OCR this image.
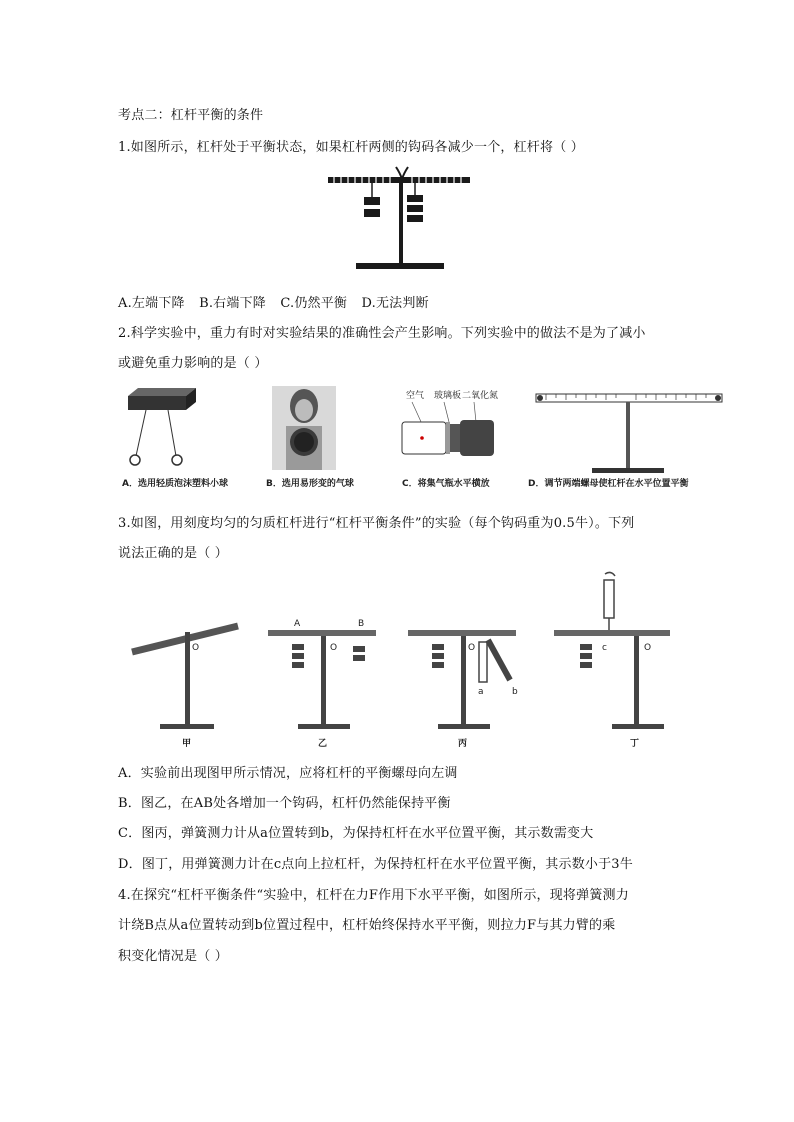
考点二：杠杆平衡的条件
1.如图所示，杠杆处于平衡状态，如果杠杆两侧的钩码各减少一个，杠杆将（ ）
A.左端下降 B.右端下降 C.仍然平衡 D.无法判断
2.科学实验中，重力有时对实验结果的准确性会产生影响。下列实验中的做法不是为了减小
或避免重力影响的是（ ）
空气 玻璃板 二氧化氮
A．选用轻质泡沫塑料小球	B．选用易形变的气球	C．将集气瓶水平横放	D．调节两端螺母使杠杆在水平位置平衡
3.如图，用刻度均匀的匀质杠杆进行“杠杆平衡条件”的实验（每个钩码重为0.5牛）。下列
说法正确的是（ ）
O
A	B
O	O
a	b
O
c
甲	乙	丙	丁
A．实验前出现图甲所示情况，应将杠杆的平衡螺母向左调
B．图乙，在AB处各增加一个钩码，杠杆仍然能保持平衡
C．图丙，弹簧测力计从a位置转到b，为保持杠杆在水平位置平衡，其示数需变大
D．图丁，用弹簧测力计在c点向上拉杠杆，为保持杠杆在水平位置平衡，其示数小于3牛
4.在探究“杠杆平衡条件“实验中，杠杆在力F作用下水平平衡，如图所示，现将弹簧测力
计绕B点从a位置转动到b位置过程中，杠杆始终保持水平平衡，则拉力F与其力臂的乘
积变化情况是（ ）
